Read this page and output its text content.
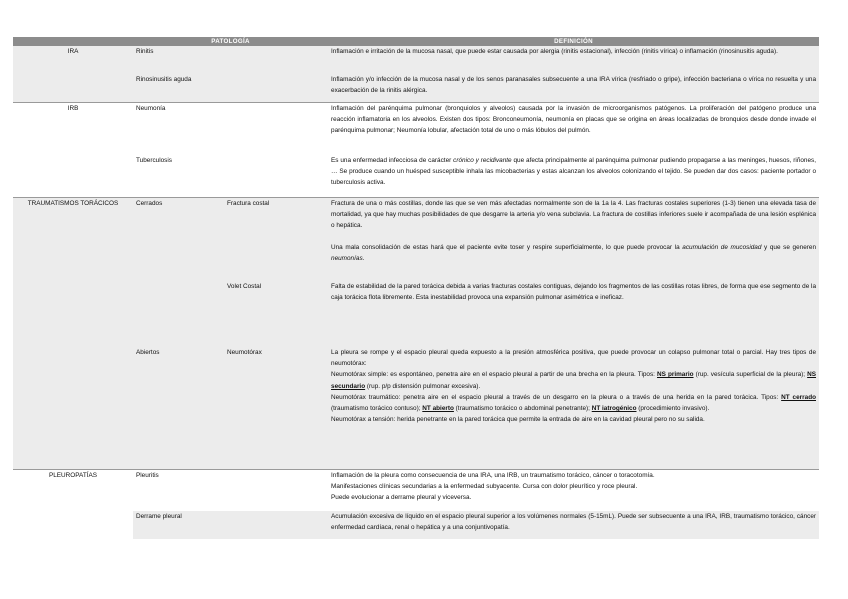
	PATOLOGÍA		DEFINICIÓN
IRA	Rinitis		Inflamación e irritación de la mucosa nasal, que puede estar causada por alergia (rinitis estacional), infección (rinitis vírica) o inflamación (rinosinusitis aguda).
	Rinosinusitis aguda		Inflamación y/o infección de la mucosa nasal y de los senos paranasales subsecuente a una IRA vírica (resfriado o gripe), infección bacteriana o vírica no resuelta y una exacerbación de la rinitis alérgica.
IRB	Neumonía		Inflamación del parénquima pulmonar (bronquiolos y alveolos) causada por la invasión de microorganismos patógenos. La proliferación del patógeno produce una reacción inflamatoria en los alveolos. Existen dos tipos: Bronconeumonía, neumonía en placas que se origina en áreas localizadas de bronquios desde donde invade el parénquima pulmonar; Neumonía lobular, afectación total de uno o más lóbulos del pulmón.
	Tuberculosis		Es una enfermedad infecciosa de carácter crónico y recidivante que afecta principalmente al parénquima pulmonar pudiendo propagarse a las meninges, huesos, riñones, … Se produce cuando un huésped susceptible inhala las micobacterias y estas alcanzan los alveolos colonizando el tejido. Se pueden dar dos casos: paciente portador o tuberculosis activa.
TRAUMATISMOS TORÁCICOS	Cerrados	Fractura costal	Fractura de una o más costillas, donde las que se ven más afectadas normalmente son de la 1a la 4. Las fracturas costales superiores (1-3) tienen una elevada tasa de mortalidad, ya que hay muchas posibilidades de que desgarre la arteria y/o vena subclavia. La fractura de costillas inferiores suele ir acompañada de una lesión esplénica o hepática.
Una mala consolidación de estas hará que el paciente evite toser y respire superficialmente, lo que puede provocar la acumulación de mucosidad y que se generen neumonías.

		Volet Costal	Falta de estabilidad de la pared torácica debida a varias fracturas costales contiguas, dejando los fragmentos de las costillas rotas libres, de forma que ese segmento de la caja torácica flota libremente. Esta inestabilidad provoca una expansión pulmonar asimétrica e ineficaz.
	Abiertos	Neumotórax	La pleura se rompe y el espacio pleural queda expuesto a la presión atmosférica positiva, que puede provocar un colapso pulmonar total o parcial. Hay tres tipos de neumotórax:
Neumotórax simple: es espontáneo, penetra aire en el espacio pleural a partir de una brecha en la pleura. Tipos: NS primario (rup. vesícula superficial de la pleura); NS secundario (rup. p/p distensión pulmonar excesiva).
Neumotórax traumático: penetra aire en el espacio pleural a través de un desgarro en la pleura o a través de una herida en la pared torácica. Tipos: NT cerrado (traumatismo torácico contuso); NT abierto (traumatismo torácico o abdominal penetrante); NT iatrogénico (procedimiento invasivo).
Neumotórax a tensión: herida penetrante en la pared torácica que permite la entrada de aire en la cavidad pleural pero no su salida.

PLEUROPATÍAS	Pleuritis		Inflamación de la pleura como consecuencia de una IRA, una IRB, un traumatismo torácico, cáncer o toracotomía.
Manifestaciones clínicas secundarias a la enfermedad subyacente. Cursa con dolor pleurítico y roce pleural.
Puede evolucionar a derrame pleural y viceversa.

	Derrame pleural		Acumulación excesiva de líquido en el espacio pleural superior a los volúmenes normales (5-15mL). Puede ser subsecuente a una IRA, IRB, traumatismo torácico, cáncer enfermedad cardíaca, renal o hepática y a una conjuntivopatía.
